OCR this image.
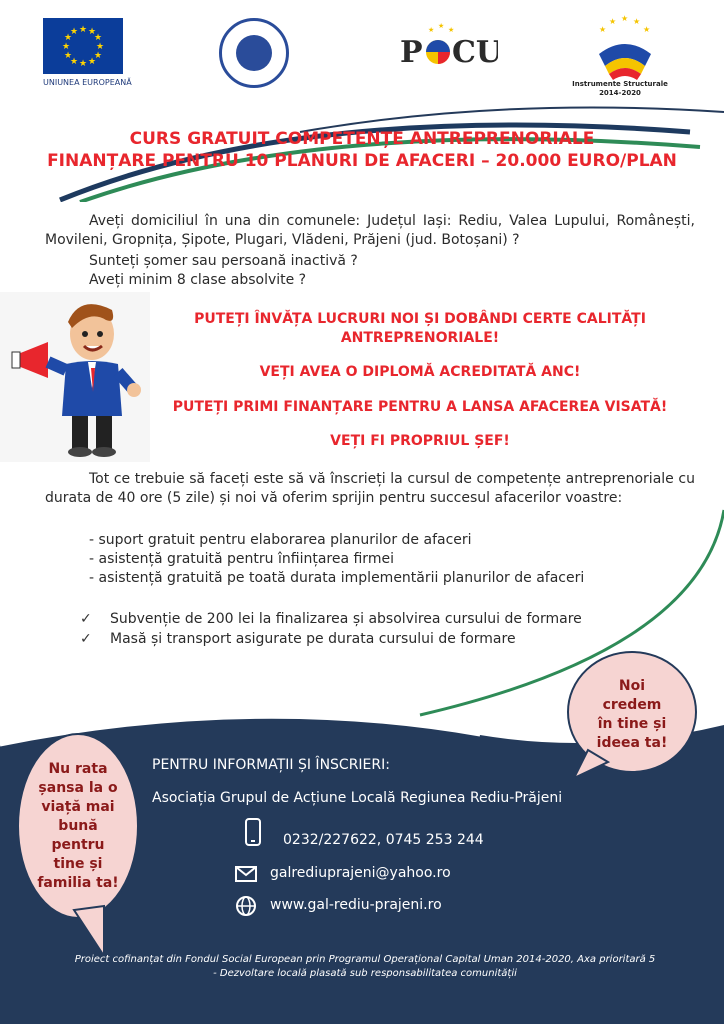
★ ★
★
★
★
★
★
★
★
★
★
★
UNIUNEA EUROPEANĂ
P CU
★ ★ ★	★
★ ★ ★
★
Instrumente Structurale
2014-2020
CURS GRATUIT COMPETENȚE ANTREPRENORIALE
FINANȚARE PENTRU 10 PLANURI DE AFACERI – 20.000 EURO/PLAN
Aveți domiciliul în una din comunele: Județul Iași: Rediu, Valea Lupului, Românești, Movileni, Gropnița, Șipote, Plugari, Vlădeni, Prăjeni (jud. Botoșani) ?
Sunteți șomer sau persoană inactivă ?
Aveți minim 8 clase absolvite ?
PUTEȚI ÎNVĂȚA LUCRURI NOI ȘI DOBÂNDI CERTE CALITĂȚI
ANTREPRENORIALE!
VEȚI AVEA O DIPLOMĂ ACREDITATĂ ANC!
PUTEȚI PRIMI FINANȚARE PENTRU A LANSA AFACEREA VISATĂ!
VEȚI FI PROPRIUL ȘEF!
Tot ce trebuie să faceți este să vă înscrieți la cursul de competențe antreprenoriale cu durata de 40 ore (5 zile) și noi vă oferim sprijin pentru succesul afacerilor voastre:
- suport gratuit pentru elaborarea planurilor de afaceri
- asistență gratuită pentru înființarea firmei
- asistență gratuită pe toată durata implementării planurilor de afaceri
✓ Subvenție de 200 lei la finalizarea și absolvirea cursului de formare
✓ Masă și transport asigurate pe durata cursului de formare
Noi
credem
în tine și
ideea ta!
Nu rata
șansa la o
viață mai
bună
pentru
tine și
familia ta!
PENTRU INFORMAȚII ȘI ÎNSCRIERI:
Asociația Grupul de Acțiune Locală Regiunea Rediu-Prăjeni
0232/227622, 0745 253 244
galrediuprajeni@yahoo.ro
www.gal-rediu-prajeni.ro
Proiect cofinanțat din Fondul Social European prin Programul Operațional Capital Uman 2014-2020, Axa prioritară 5
- Dezvoltare locală plasată sub responsabilitatea comunității
